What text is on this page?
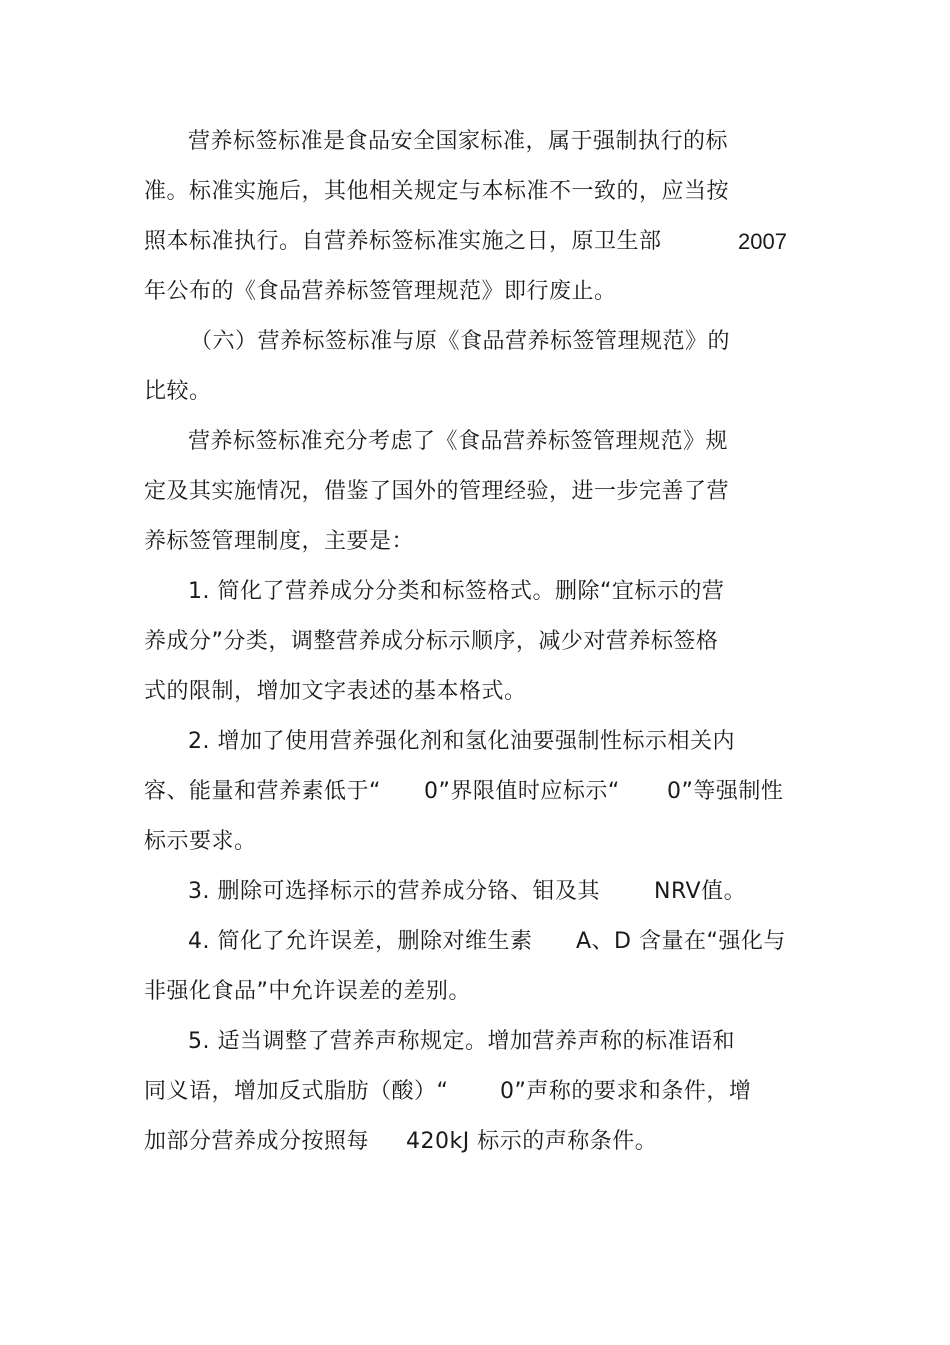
营养标签标准是食品安全国家标准，属于强制执行的标
准。标准实施后，其他相关规定与本标准不一致的，应当按
照本标准执行。自营养标签标准实施之日，原卫生部	2007
年公布的《食品营养标签管理规范》即行废止。
（六）营养标签标准与原《食品营养标签管理规范》的
比较。
营养标签标准充分考虑了《食品营养标签管理规范》规
定及其实施情况，借鉴了国外的管理经验，进一步完善了营
养标签管理制度，主要是：
1. 简化了营养成分分类和标签格式。删除“宜标示的营
养成分”分类，调整营养成分标示顺序，减少对营养标签格
式的限制，增加文字表述的基本格式。
2. 增加了使用营养强化剂和氢化油要强制性标示相关内
容、能量和营养素低于“ 0”界限值时应标示“ 0”等强制性
标示要求。
3. 删除可选择标示的营养成分铬、钼及其 NRV值。
4. 简化了允许误差，删除对维生素 A、D 含量在“强化与
非强化食品”中允许误差的差别。
5. 适当调整了营养声称规定。增加营养声称的标准语和
同义语，增加反式脂肪（酸）“ 0”声称的要求和条件，增
加部分营养成分按照每 420kJ 标示的声称条件。
